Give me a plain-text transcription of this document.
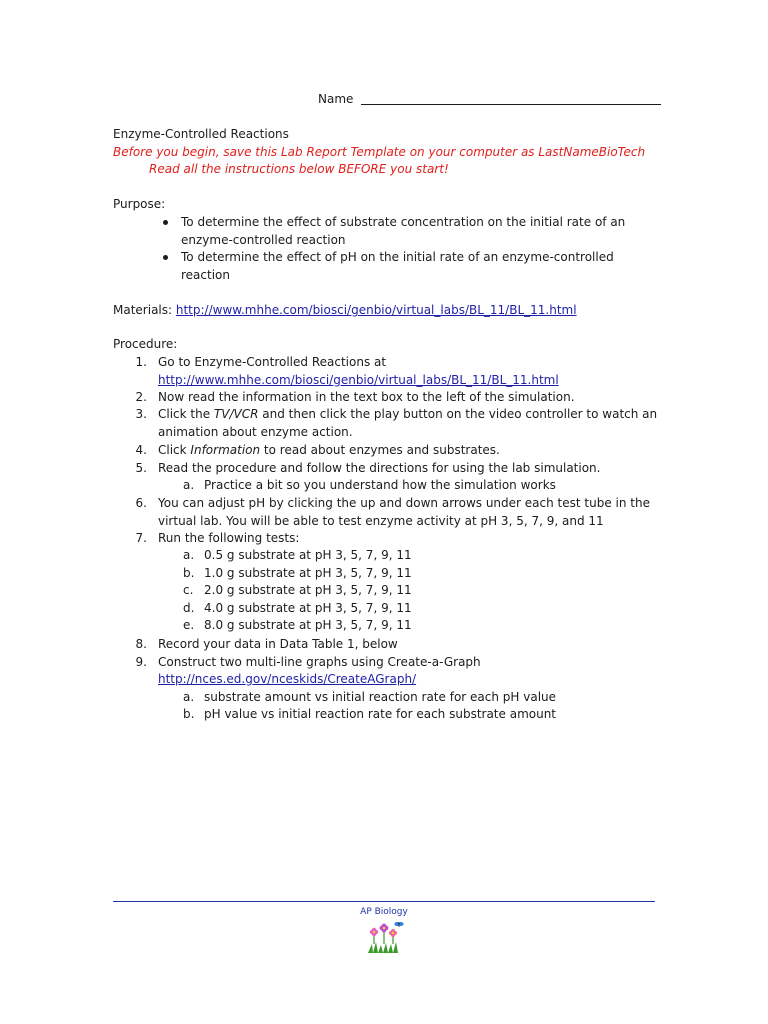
Name
Enzyme-Controlled Reactions
Before you begin, save this Lab Report Template on your computer as LastNameBioTech
Read all the instructions below BEFORE you start!
Purpose:
To determine the effect of substrate concentration on the initial rate of an
enzyme-controlled reaction
To determine the effect of pH on the initial rate of an enzyme-controlled
reaction
Materials: http://www.mhhe.com/biosci/genbio/virtual_labs/BL_11/BL_11.html
Procedure:
1. Go to Enzyme-Controlled Reactions at
http://www.mhhe.com/biosci/genbio/virtual_labs/BL_11/BL_11.html
2. Now read the information in the text box to the left of the simulation.
3. Click the TV/VCR and then click the play button on the video controller to watch an
animation about enzyme action.
4. Click Information to read about enzymes and substrates.
5. Read the procedure and follow the directions for using the lab simulation.
a. Practice a bit so you understand how the simulation works
6. You can adjust pH by clicking the up and down arrows under each test tube in the
virtual lab. You will be able to test enzyme activity at pH 3, 5, 7, 9, and 11
7. Run the following tests:
a. 0.5 g substrate at pH 3, 5, 7, 9, 11
b. 1.0 g substrate at pH 3, 5, 7, 9, 11
c. 2.0 g substrate at pH 3, 5, 7, 9, 11
d. 4.0 g substrate at pH 3, 5, 7, 9, 11
e. 8.0 g substrate at pH 3, 5, 7, 9, 11
8. Record your data in Data Table 1, below
9. Construct two multi-line graphs using Create-a-Graph
http://nces.ed.gov/nceskids/CreateAGraph/
a. substrate amount vs initial reaction rate for each pH value
b. pH value vs initial reaction rate for each substrate amount
AP Biology
